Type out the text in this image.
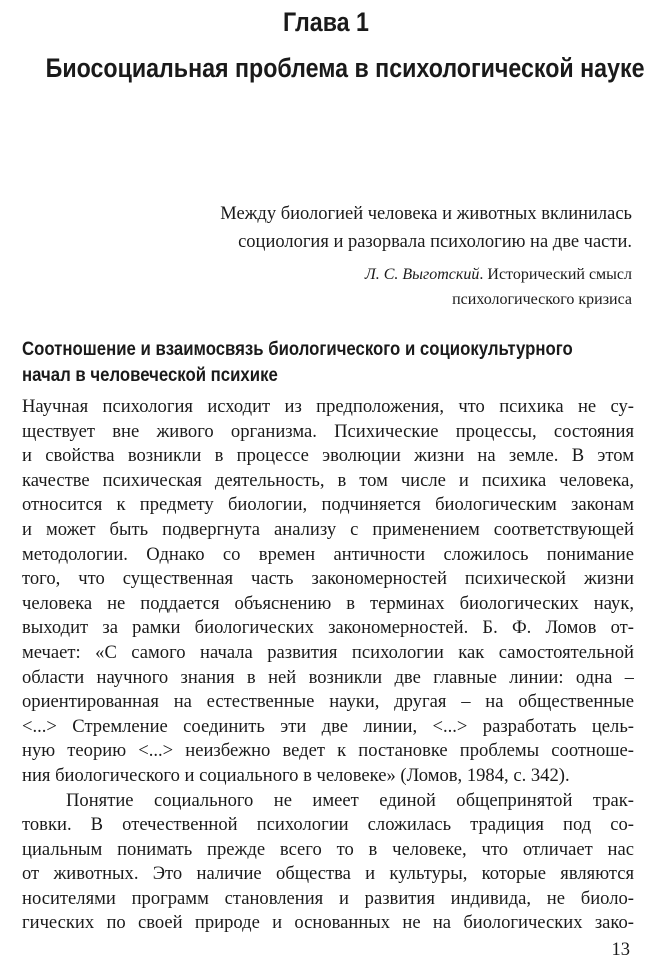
Глава 1
Биосоциальная проблема в психологической науке
Между биологией человека и животных вклинилась
социология и разорвала психологию на две части.
Л. С. Выготский. Исторический смысл
психологического кризиса
Соотношение и взаимосвязь биологического и социокультурного
начал в человеческой психике
Научная психология исходит из предположения, что психика не су-
ществует вне живого организма. Психические процессы, состояния
и свойства возникли в процессе эволюции жизни на земле. В этом
качестве психическая деятельность, в том числе и психика человека,
относится к предмету биологии, подчиняется биологическим законам
и может быть подвергнута анализу с применением соответствующей
методологии. Однако со времен античности сложилось понимание
того, что существенная часть закономерностей психической жизни
человека не поддается объяснению в терминах биологических наук,
выходит за рамки биологических закономерностей. Б. Ф. Ломов от-
мечает: «С самого начала развития психологии как самостоятельной
области научного знания в ней возникли две главные линии: одна –
ориентированная на естественные науки, другая – на общественные
<...> Стремление соединить эти две линии, <...> разработать цель-
ную теорию <...> неизбежно ведет к постановке проблемы соотноше-
ния биологического и социального в человеке» (Ломов, 1984, с. 342).
Понятие социального не имеет единой общепринятой трак-
товки. В отечественной психологии сложилась традиция под со-
циальным понимать прежде всего то в человеке, что отличает нас
от животных. Это наличие общества и культуры, которые являются
носителями программ становления и развития индивида, не биоло-
гических по своей природе и основанных не на биологических зако-
13
